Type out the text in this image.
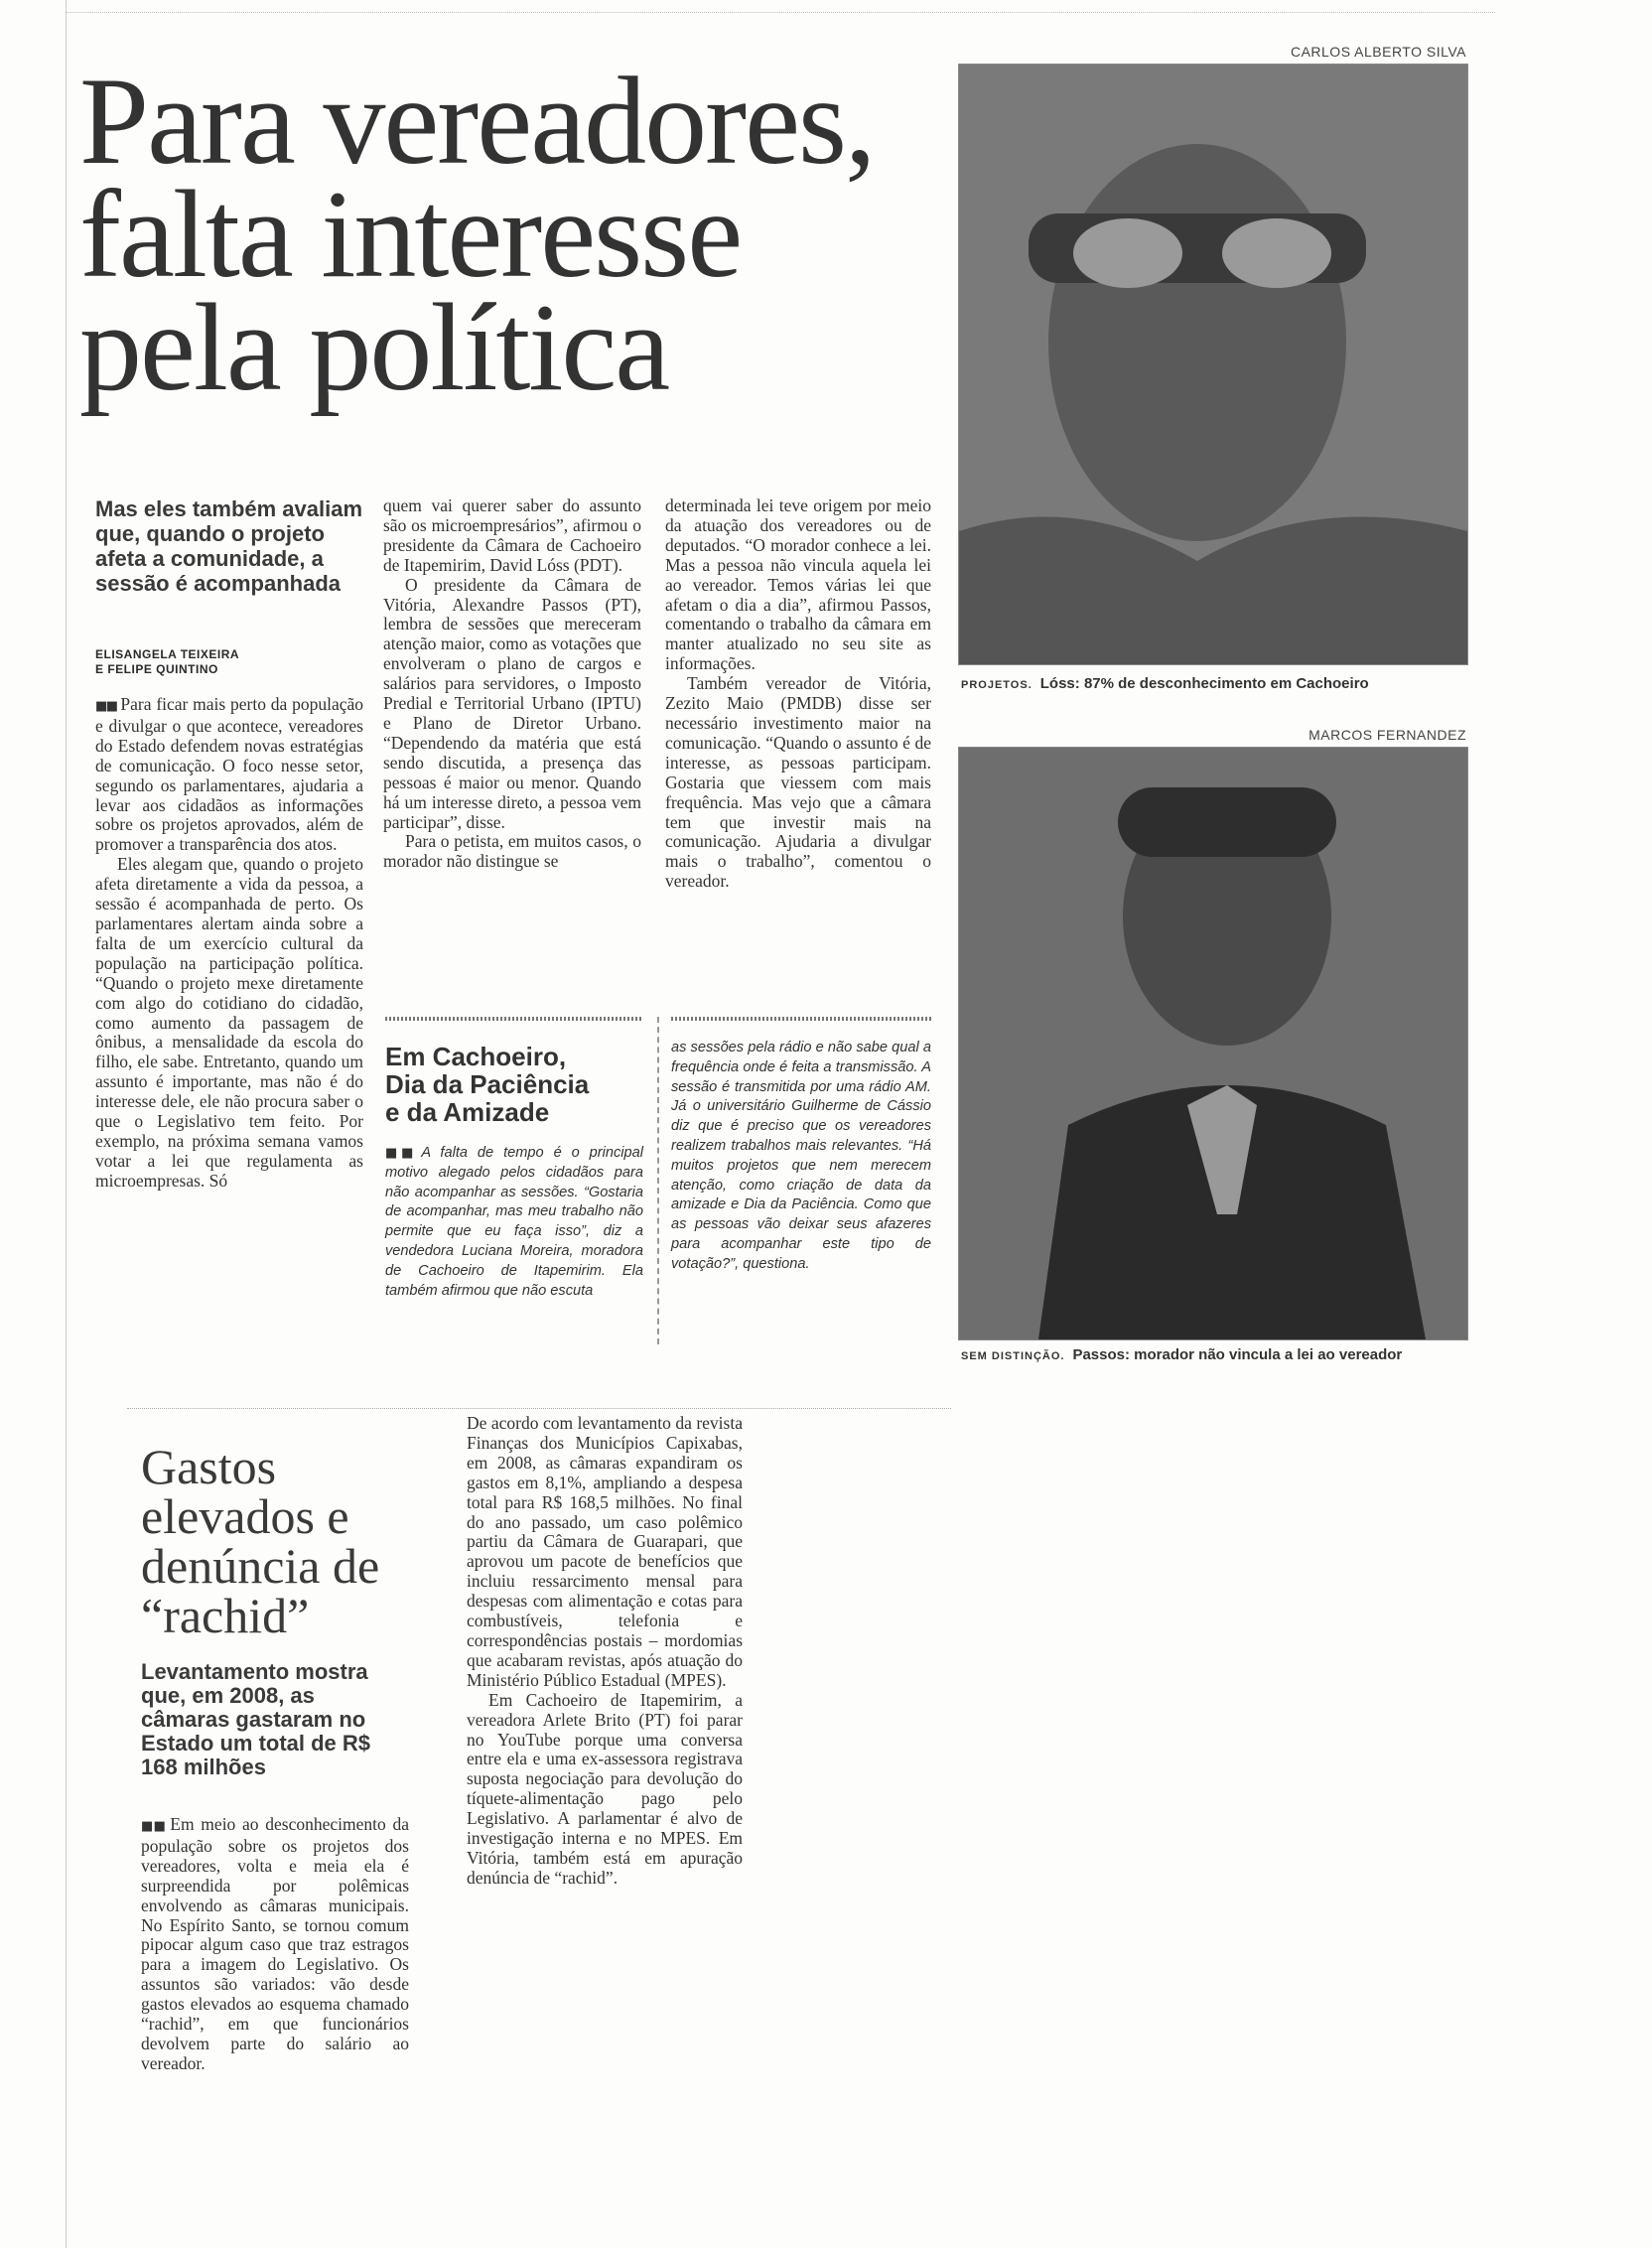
Para vereadores,
falta interesse
pela política
Mas eles também avaliam que, quando o projeto afeta a comunidade, a sessão é acompanhada
ELISANGELA TEIXEIRA
E FELIPE QUINTINO

■■ Para ficar mais perto da população e divulgar o que acontece, vereadores do Estado defendem novas estratégias de comunicação. O foco nesse setor, segundo os parlamentares, ajudaria a levar aos cidadãos as informações sobre os projetos aprovados, além de promover a transparência dos atos.

Eles alegam que, quando o projeto afeta diretamente a vida da pessoa, a sessão é acompanhada de perto. Os parlamentares alertam ainda sobre a falta de um exercício cultural da população na participação política. “Quando o projeto mexe diretamente com algo do cotidiano do cidadão, como aumento da passagem de ônibus, a mensalidade da escola do filho, ele sabe. Entretanto, quando um assunto é importante, mas não é do interesse dele, ele não procura saber o que o Legislativo tem feito. Por exemplo, na próxima semana vamos votar a lei que regulamenta as microempresas. Só

quem vai querer saber do assunto são os microempresários”, afirmou o presidente da Câmara de Cachoeiro de Itapemirim, David Lóss (PDT).

O presidente da Câmara de Vitória, Alexandre Passos (PT), lembra de sessões que mereceram atenção maior, como as votações que envolveram o plano de cargos e salários para servidores, o Imposto Predial e Territorial Urbano (IPTU) e Plano de Diretor Urbano. “Dependendo da matéria que está sendo discutida, a presença das pessoas é maior ou menor. Quando há um interesse direto, a pessoa vem participar”, disse.

Para o petista, em muitos casos, o morador não distingue se

determinada lei teve origem por meio da atuação dos vereadores ou de deputados. “O morador conhece a lei. Mas a pessoa não vincula aquela lei ao vereador. Temos várias lei que afetam o dia a dia”, afirmou Passos, comentando o trabalho da câmara em manter atualizado no seu site as informações.

Também vereador de Vitória, Zezito Maio (PMDB) disse ser necessário investimento maior na comunicação. “Quando o assunto é de interesse, as pessoas participam. Gostaria que viessem com mais frequência. Mas vejo que a câmara tem que investir mais na comunicação. Ajudaria a divulgar mais o trabalho”, comentou o vereador.

CARLOS ALBERTO SILVA
PROJETOS. Lóss: 87% de desconhecimento em Cachoeiro
MARCOS FERNANDEZ
SEM DISTINÇÃO. Passos: morador não vincula a lei ao vereador
Em Cachoeiro,
Dia da Paciência
e da Amizade

■■ A falta de tempo é o principal motivo alegado pelos cidadãos para não acompanhar as sessões. “Gostaria de acompanhar, mas meu trabalho não permite que eu faça isso”, diz a vendedora Luciana Moreira, moradora de Cachoeiro de Itapemirim. Ela também afirmou que não escuta

as sessões pela rádio e não sabe qual a frequência onde é feita a transmissão. A sessão é transmitida por uma rádio AM. Já o universitário Guilherme de Cássio diz que é preciso que os vereadores realizem trabalhos mais relevantes. “Há muitos projetos que nem merecem atenção, como criação de data da amizade e Dia da Paciência. Como que as pessoas vão deixar seus afazeres para acompanhar este tipo de votação?”, questiona.

Gastos
elevados e
denúncia de
“rachid”
Levantamento mostra que, em 2008, as câmaras gastaram no Estado um total de R$ 168 milhões

■■ Em meio ao desconhecimento da população sobre os projetos dos vereadores, volta e meia ela é surpreendida por polêmicas envolvendo as câmaras municipais. No Espírito Santo, se tornou comum pipocar algum caso que traz estragos para a imagem do Legislativo. Os assuntos são variados: vão desde gastos elevados ao esquema chamado “rachid”, em que funcionários devolvem parte do salário ao vereador.

De acordo com levantamento da revista Finanças dos Municípios Capixabas, em 2008, as câmaras expandiram os gastos em 8,1%, ampliando a despesa total para R$ 168,5 milhões. No final do ano passado, um caso polêmico partiu da Câmara de Guarapari, que aprovou um pacote de benefícios que incluiu ressarcimento mensal para despesas com alimentação e cotas para combustíveis, telefonia e correspondências postais – mordomias que acabaram revistas, após atuação do Ministério Público Estadual (MPES).

Em Cachoeiro de Itapemirim, a vereadora Arlete Brito (PT) foi parar no YouTube porque uma conversa entre ela e uma ex-assessora registrava suposta negociação para devolução do tíquete-alimentação pago pelo Legislativo. A parlamentar é alvo de investigação interna e no MPES. Em Vitória, também está em apuração denúncia de “rachid”.
